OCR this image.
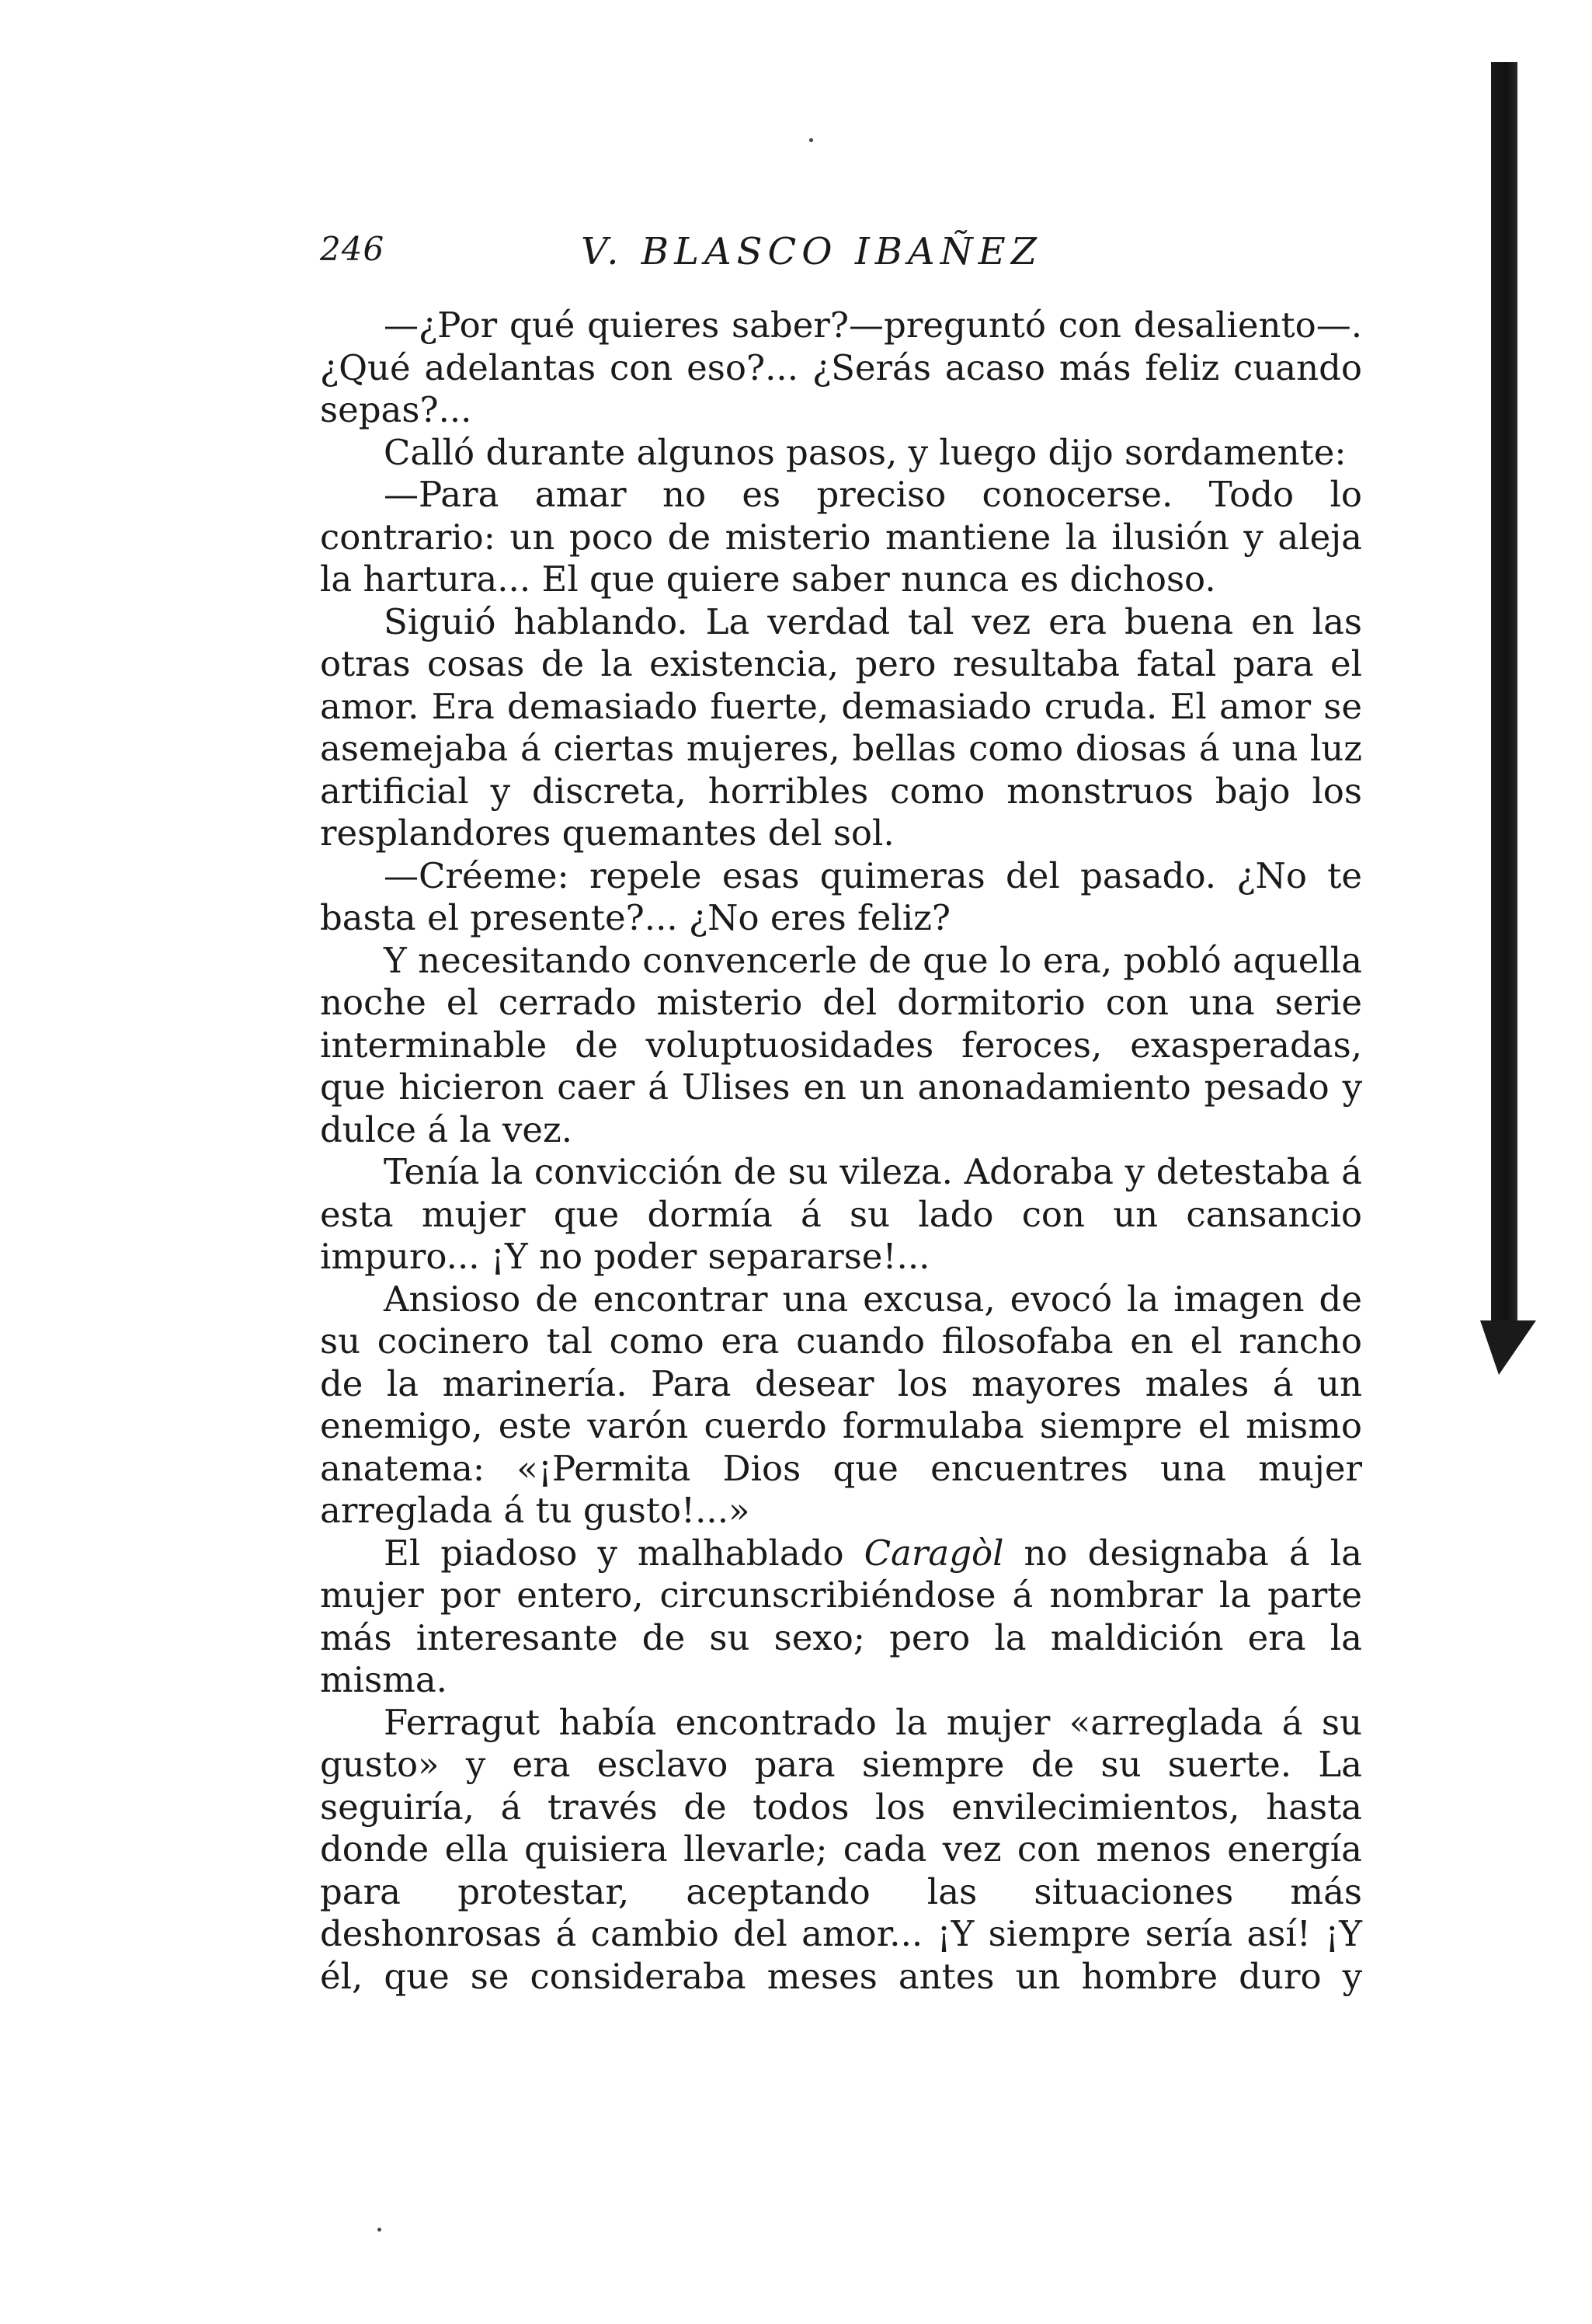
246	V. BLASCO IBAÑEZ

—¿Por qué quieres saber?—preguntó con desaliento—. ¿Qué adelantas con eso?... ¿Serás acaso más feliz cuando sepas?...

Calló durante algunos pasos, y luego dijo sordamente:

—Para amar no es preciso conocerse. Todo lo contrario: un poco de misterio mantiene la ilusión y aleja la hartura... El que quiere saber nunca es dichoso.

Siguió hablando. La verdad tal vez era buena en las otras cosas de la existencia, pero resultaba fatal para el amor. Era demasiado fuerte, demasiado cruda. El amor se asemejaba á ciertas mujeres, bellas como diosas á una luz artificial y discreta, horribles como monstruos bajo los resplandores quemantes del sol.

—Créeme: repele esas quimeras del pasado. ¿No te basta el presente?... ¿No eres feliz?

Y necesitando convencerle de que lo era, pobló aquella noche el cerrado misterio del dormitorio con una serie interminable de voluptuosidades feroces, exasperadas, que hicieron caer á Ulises en un anonadamiento pesado y dulce á la vez.

Tenía la convicción de su vileza. Adoraba y detestaba á esta mujer que dormía á su lado con un cansancio impuro... ¡Y no poder separarse!...

Ansioso de encontrar una excusa, evocó la imagen de su cocinero tal como era cuando filosofaba en el rancho de la marinería. Para desear los mayores males á un enemigo, este varón cuerdo formulaba siempre el mismo anatema: «¡Permita Dios que encuentres una mujer arreglada á tu gusto!...»

El piadoso y malhablado Caragòl no designaba á la mujer por entero, circunscribiéndose á nombrar la parte más interesante de su sexo; pero la maldición era la misma.

Ferragut había encontrado la mujer «arreglada á su gusto» y era esclavo para siempre de su suerte. La seguiría, á través de todos los envilecimientos, hasta donde ella quisiera llevarle; cada vez con menos energía para protestar, aceptando las situaciones más deshonrosas á cambio del amor... ¡Y siempre sería así! ¡Y él, que se consideraba meses antes un hombre duro y
